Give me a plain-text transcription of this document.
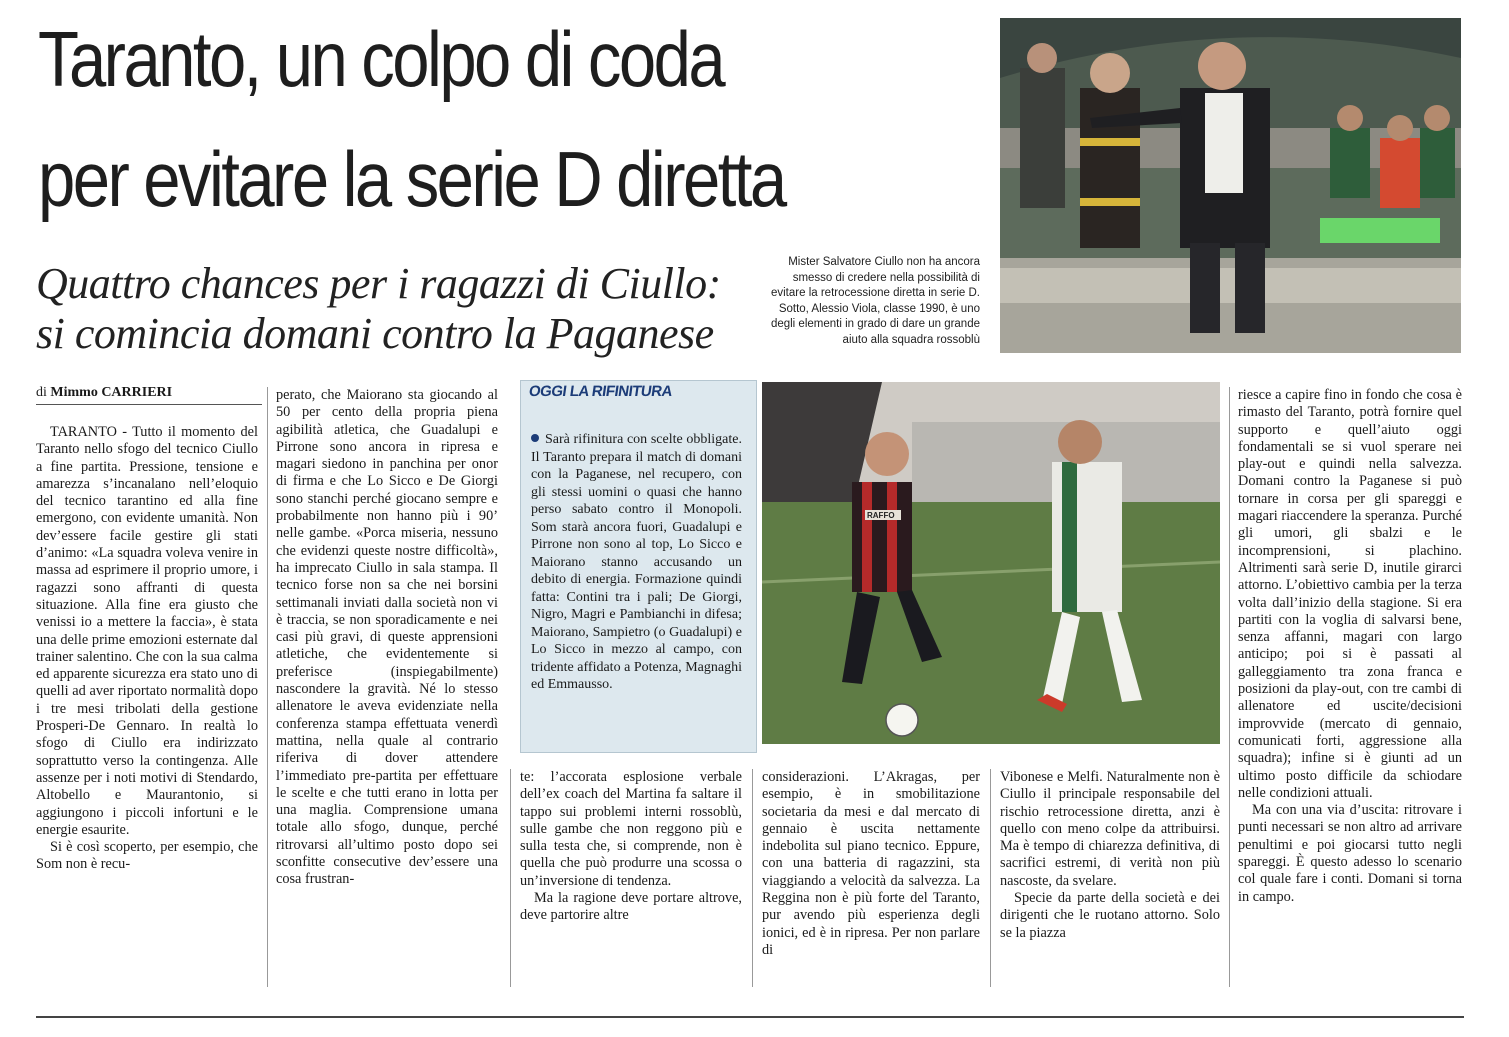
Taranto, un colpo di coda
per evitare la serie D diretta
Quattro chances per i ragazzi di Ciullo:
si comincia domani contro la Paganese
Mister Salvatore Ciullo non ha ancora smesso di credere nella possibilità di evitare la retrocessione diretta in serie D. Sotto, Alessio Viola, classe 1990, è uno degli elementi in grado di dare un grande aiuto alla squadra rossoblù
di Mimmo CARRIERI

TARANTO - Tutto il momento del Taranto nello sfogo del tecnico Ciullo a fine partita. Pressione, tensione e amarezza s’incanalano nell’eloquio del tecnico tarantino ed alla fine emergono, con evidente umanità. Non dev’essere facile gestire gli stati d’animo: «La squadra voleva venire in massa ad esprimere il proprio umore, i ragazzi sono affranti di questa situazione. Alla fine era giusto che venissi io a mettere la faccia», è stata una delle prime emozioni esternate dal trainer salentino. Che con la sua calma ed apparente sicurezza era stato uno di quelli ad aver riportato normalità dopo i tre mesi tribolati della gestione Prosperi-De Gennaro. In realtà lo sfogo di Ciullo era indirizzato soprattutto verso la contingenza. Alle assenze per i noti motivi di Stendardo, Altobello e Maurantonio, si aggiungono i piccoli infortuni e le energie esaurite.

Si è così scoperto, per esempio, che Som non è recu-

perato, che Maiorano sta giocando al 50 per cento della propria piena agibilità atletica, che Guadalupi e Pirrone sono ancora in ripresa e magari siedono in panchina per onor di firma e che Lo Sicco e De Giorgi sono stanchi perché giocano sempre e probabilmente non hanno più i 90’ nelle gambe. «Porca miseria, nessuno che evidenzi queste nostre difficoltà», ha imprecato Ciullo in sala stampa. Il tecnico forse non sa che nei borsini settimanali inviati dalla società non vi è traccia, se non sporadicamente e nei casi più gravi, di queste apprensioni atletiche, che evidentemente si preferisce (inspiegabilmente) nascondere la gravità. Né lo stesso allenatore le aveva evidenziate nella conferenza stampa effettuata venerdì mattina, nella quale al contrario riferiva di dover attendere l’immediato pre-partita per effettuare le scelte e che tutti erano in lotta per una maglia. Comprensione umana totale allo sfogo, dunque, perché ritrovarsi all’ultimo posto dopo sei sconfitte consecutive dev’essere una cosa frustran-

OGGI LA RIFINITURA
Sarà rifinitura con scelte obbligate. Il Taranto prepara il match di domani con la Paganese, nel recupero, con gli stessi uomini o quasi che hanno perso sabato contro il Monopoli. Som starà ancora fuori, Guadalupi e Pirrone non sono al top, Lo Sicco e Maiorano stanno accusando un debito di energia. Formazione quindi fatta: Contini tra i pali; De Giorgi, Nigro, Magri e Pambianchi in difesa; Maiorano, Sampietro (o Guadalupi) e Lo Sicco in mezzo al campo, con tridente affidato a Potenza, Magnaghi ed Emmausso.
RAFFO

te: l’accorata esplosione verbale dell’ex coach del Martina fa saltare il tappo sui problemi interni rossoblù, sulle gambe che non reggono più e sulla testa che, si comprende, non è quella che può produrre una scossa o un’inversione di tendenza.

Ma la ragione deve portare altrove, deve partorire altre

considerazioni. L’Akragas, per esempio, è in smobilitazione societaria da mesi e dal mercato di gennaio è uscita nettamente indebolita sul piano tecnico. Eppure, con una batteria di ragazzini, sta viaggiando a velocità da salvezza. La Reggina non è più forte del Taranto, pur avendo più esperienza degli ionici, ed è in ripresa. Per non parlare di

Vibonese e Melfi. Naturalmente non è Ciullo il principale responsabile del rischio retrocessione diretta, anzi è quello con meno colpe da attribuirsi. Ma è tempo di chiarezza definitiva, di sacrifici estremi, di verità non più nascoste, da svelare.

Specie da parte della società e dei dirigenti che le ruotano attorno. Solo se la piazza

riesce a capire fino in fondo che cosa è rimasto del Taranto, potrà fornire quel supporto e quell’aiuto oggi fondamentali se si vuol sperare nei play-out e quindi nella salvezza. Domani contro la Paganese si può tornare in corsa per gli spareggi e magari riaccendere la speranza. Purché gli umori, gli sbalzi e le incomprensioni, si plachino. Altrimenti sarà serie D, inutile girarci attorno. L’obiettivo cambia per la terza volta dall’inizio della stagione. Si era partiti con la voglia di salvarsi bene, senza affanni, magari con largo anticipo; poi si è passati al galleggiamento tra zona franca e posizioni da play-out, con tre cambi di allenatore ed uscite/decisioni improvvide (mercato di gennaio, comunicati forti, aggressione alla squadra); infine si è giunti ad un ultimo posto difficile da schiodare nelle condizioni attuali.

Ma con una via d’uscita: ritrovare i punti necessari se non altro ad arrivare penultimi e poi giocarsi tutto negli spareggi. È questo adesso lo scenario col quale fare i conti. Domani si torna in campo.
